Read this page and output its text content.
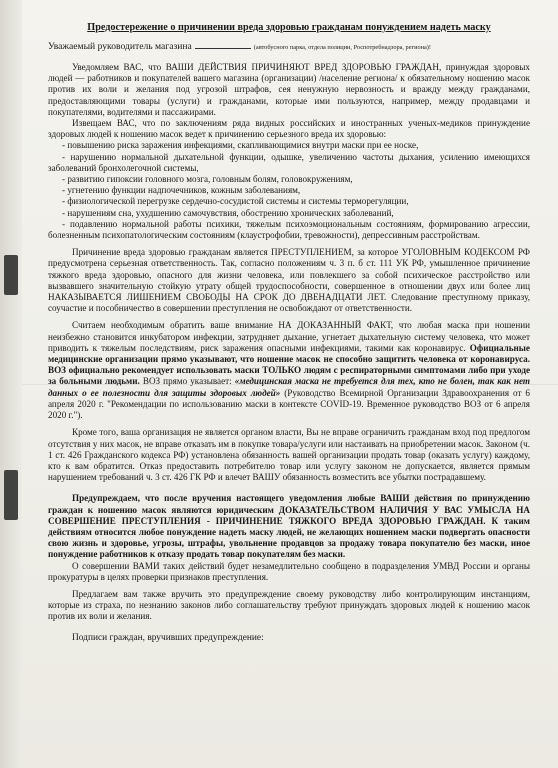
Предостережение о причинении вреда здоровью гражданам понуждением надеть маску
Уважаемый руководитель магазина	(автобусного парка, отдела полиции, Роспотребнадзора, региона)!

Уведомляем ВАС, что ВАШИ ДЕЙСТВИЯ ПРИЧИНЯЮТ ВРЕД ЗДОРОВЬЮ ГРАЖДАН, принуждая здоровых людей — работников и покупателей вашего магазина (организации) /население региона/ к обязательному ношению масок против их воли и желания под угрозой штрафов, сея ненужную нервозность и вражду между гражданами, предоставляющими товары (услуги) и гражданами, которые ими пользуются, например, между продавцами и покупателями, водителями и пассажирами.

Извещаем ВАС, что по заключениям ряда видных российских и иностранных ученых-медиков принуждение здоровых людей к ношению масок ведет к причинению серьезного вреда их здоровью:

- повышению риска заражения инфекциями, скапливающимися внутри маски при ее носке,

- нарушению нормальной дыхательной функции, одышке, увеличению частоты дыхания, усилению имеющихся заболеваний бронхолегочной системы,

- развитию гипоксии головного мозга, головным болям, головокружениям,

- угнетению функции надпочечников, кожным заболеваниям,

- физиологической перегрузке сердечно-сосудистой системы и системы терморегуляции,

- нарушениям сна, ухудшению самочувствия, обострению хронических заболеваний,

- подавлению нормальной работы психики, тяжелым психоэмоциональным состояниям, формированию агрессии, болезненным психопатологическим состояниям (клаустрофобии, тревожности), депрессивным расстройствам.

Причинение вреда здоровью гражданам является ПРЕСТУПЛЕНИЕМ, за которое УГОЛОВНЫМ КОДЕКСОМ РФ предусмотрена серьезная ответственность. Так, согласно положениям ч. 3 п. б ст. 111 УК РФ, умышленное причинение тяжкого вреда здоровью, опасного для жизни человека, или повлекшего за собой психическое расстройство или вызвавшего значительную стойкую утрату общей трудоспособности, совершенное в отношении двух или более лиц НАКАЗЫВАЕТСЯ ЛИШЕНИЕМ СВОБОДЫ НА СРОК ДО ДВЕНАДЦАТИ ЛЕТ. Следование преступному приказу, соучастие и пособничество в совершении преступления не освобождают от ответственности.

Считаем необходимым обратить ваше внимание НА ДОКАЗАННЫЙ ФАКТ, что любая маска при ношении неизбежно становится инкубатором инфекции, затрудняет дыхание, угнетает дыхательную систему человека, что может приводить к тяжелым последствиям, риск заражения опасными инфекциями, такими как коронавирус. Официальные медицинские организации прямо указывают, что ношение масок не способно защитить человека от коронавируса. ВОЗ официально рекомендует использовать маски ТОЛЬКО людям с респираторными симптомами либо при уходе за больными людьми. ВОЗ прямо указывает: «медицинская маска не требуется для тех, кто не болен, так как нет данных о ее полезности для защиты здоровых людей» (Руководство Всемирной Организации Здравоохранения от 6 апреля 2020 г. "Рекомендации по использованию маски в контексте COVID-19. Временное руководство ВОЗ от 6 апреля 2020 г.").

Кроме того, ваша организация не является органом власти, Вы не вправе ограничить гражданам вход под предлогом отсутствия у них масок, не вправе отказать им в покупке товара/услуги или настаивать на приобретении масок. Законом (ч. 1 ст. 426 Гражданского кодекса РФ) установлена обязанность вашей организации продать товар (оказать услугу) каждому, кто к вам обратится. Отказ предоставить потребителю товар или услугу законом не допускается, является прямым нарушением требований ч. 3 ст. 426 ГК РФ и влечет ВАШУ обязанность возместить все убытки пострадавшему.

Предупреждаем, что после вручения настоящего уведомления любые ВАШИ действия по принуждению граждан к ношению масок являются юридическим ДОКАЗАТЕЛЬСТВОМ НАЛИЧИЯ У ВАС УМЫСЛА НА СОВЕРШЕНИЕ ПРЕСТУПЛЕНИЯ - ПРИЧИНЕНИЕ ТЯЖКОГО ВРЕДА ЗДОРОВЬЮ ГРАЖДАН. К таким действиям относится любое понуждение надеть маску людей, не желающих ношением маски подвергать опасности свою жизнь и здоровье, угрозы, штрафы, увольнение продавцов за продажу товара покупателю без маски, иное понуждение работников к отказу продать товар покупателям без маски.

О совершении ВАМИ таких действий будет незамедлительно сообщено в подразделения УМВД России и органы прокуратуры в целях проверки признаков преступления.

Предлагаем вам также вручить это предупреждение своему руководству либо контролирующим инстанциям, которые из страха, по незнанию законов либо соглашательству требуют принуждать здоровых людей к ношению масок против их воли и желания.

Подписи граждан, вручивших предупреждение:
